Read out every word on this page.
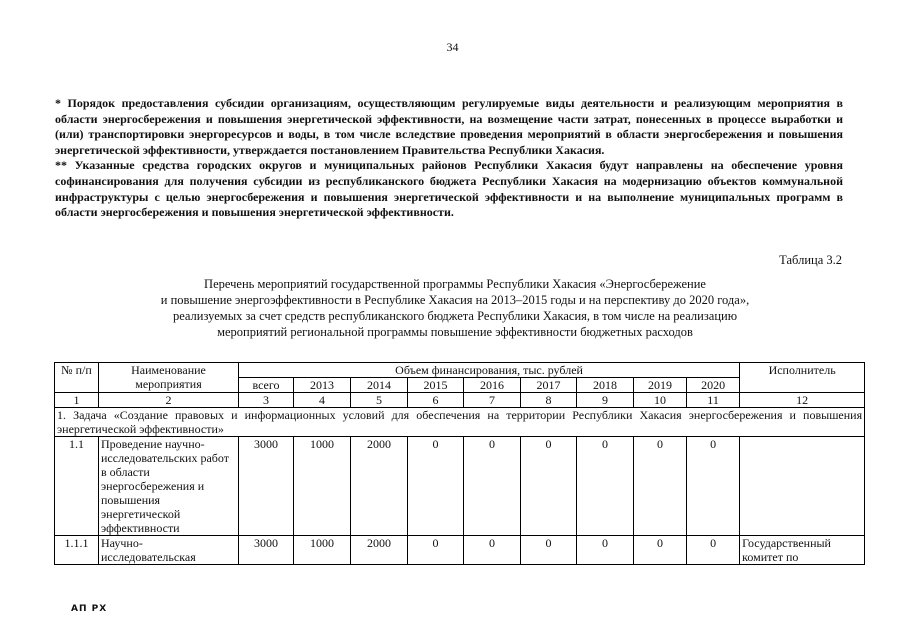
34

* Порядок предоставления субсидии организациям, осуществляющим регулируемые виды деятельности и реализующим мероприятия в области энергосбережения и повышения энергетической эффективности, на возмещение части затрат, понесенных в процессе выработки и (или) транспортировки энергоресурсов и воды, в том числе вследствие проведения мероприятий в области энергосбережения и повышения энергетической эффективности, утверждается постановлением Правительства Республики Хакасия.

** Указанные средства городских округов и муниципальных районов Республики Хакасия будут направлены на обеспечение уровня софинансирования для получения субсидии из республиканского бюджета Республики Хакасия на модернизацию объектов коммунальной инфраструктуры с целью энергосбережения и повышения энергетической эффективности и на выполнение муниципальных программ в области энергосбережения и повышения энергетической эффективности.

Таблица 3.2
Перечень мероприятий государственной программы Республики Хакасия «Энергосбережение
и повышение энергоэффективности в Республике Хакасия на 2013–2015 годы и на перспективу до 2020 года»,
реализуемых за счет средств республиканского бюджета Республики Хакасия, в том числе на реализацию
мероприятий региональной программы повышение эффективности бюджетных расходов
№ п/п	Наименование мероприятия	Объем финансирования, тыс. рублей									Исполнитель
		всего	2013	2014	2015	2016	2017	2018	2019	2020	
1	2	3	4	5	6	7	8	9	10	11	12
1. Задача «Создание правовых и информационных условий для обеспечения на территории Республики Хакасия энергосбережения и повышения энергетической эффективности»											
1.1	Проведение научно-исследовательских работ в области энергосбережения и повышения энергетической эффективности	3000	1000	2000	0	0	0	0	0	0	
1.1.1	Научно-исследовательская	3000	1000	2000	0	0	0	0	0	0	Государственный комитет по
АП РХ
